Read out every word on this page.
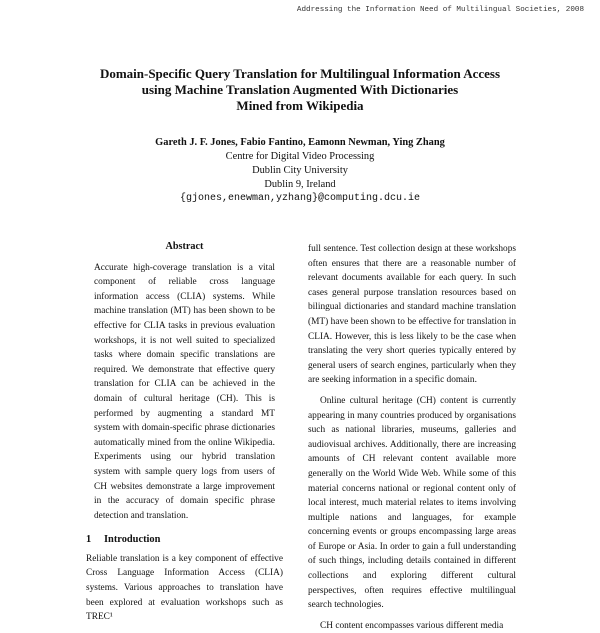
Addressing the Information Need of Multilingual Societies, 2008
Domain-Specific Query Translation for Multilingual Information Access
using Machine Translation Augmented With Dictionaries
Mined from Wikipedia
Gareth J. F. Jones, Fabio Fantino, Eamonn Newman, Ying Zhang
Centre for Digital Video Processing
Dublin City University
Dublin 9, Ireland
{gjones,enewman,yzhang}@computing.dcu.ie
Abstract

Accurate high-coverage translation is a vital component of reliable cross language information access (CLIA) systems. While machine translation (MT) has been shown to be effective for CLIA tasks in previous evaluation workshops, it is not well suited to specialized tasks where domain specific translations are required. We demonstrate that effective query translation for CLIA can be achieved in the domain of cultural heritage (CH). This is performed by augmenting a standard MT system with domain-specific phrase dictionaries automatically mined from the online Wikipedia. Experiments using our hybrid translation system with sample query logs from users of CH websites demonstrate a large improvement in the accuracy of domain specific phrase detection and translation.

1 Introduction

Reliable translation is a key component of effective Cross Language Information Access (CLIA) systems. Various approaches to translation have been explored at evaluation workshops such as TREC¹

full sentence. Test collection design at these workshops often ensures that there are a reasonable number of relevant documents available for each query. In such cases general purpose translation resources based on bilingual dictionaries and standard machine translation (MT) have been shown to be effective for translation in CLIA. However, this is less likely to be the case when translating the very short queries typically entered by general users of search engines, particularly when they are seeking information in a specific domain.

Online cultural heritage (CH) content is currently appearing in many countries produced by organisations such as national libraries, museums, galleries and audiovisual archives. Additionally, there are increasing amounts of CH relevant content available more generally on the World Wide Web. While some of this material concerns national or regional content only of local interest, much material relates to items involving multiple nations and languages, for example concerning events or groups encompassing large areas of Europe or Asia. In order to gain a full understanding of such things, including details contained in different collections and exploring different cultural perspectives, often requires effective multilingual search technologies.

CH content encompasses various different media
